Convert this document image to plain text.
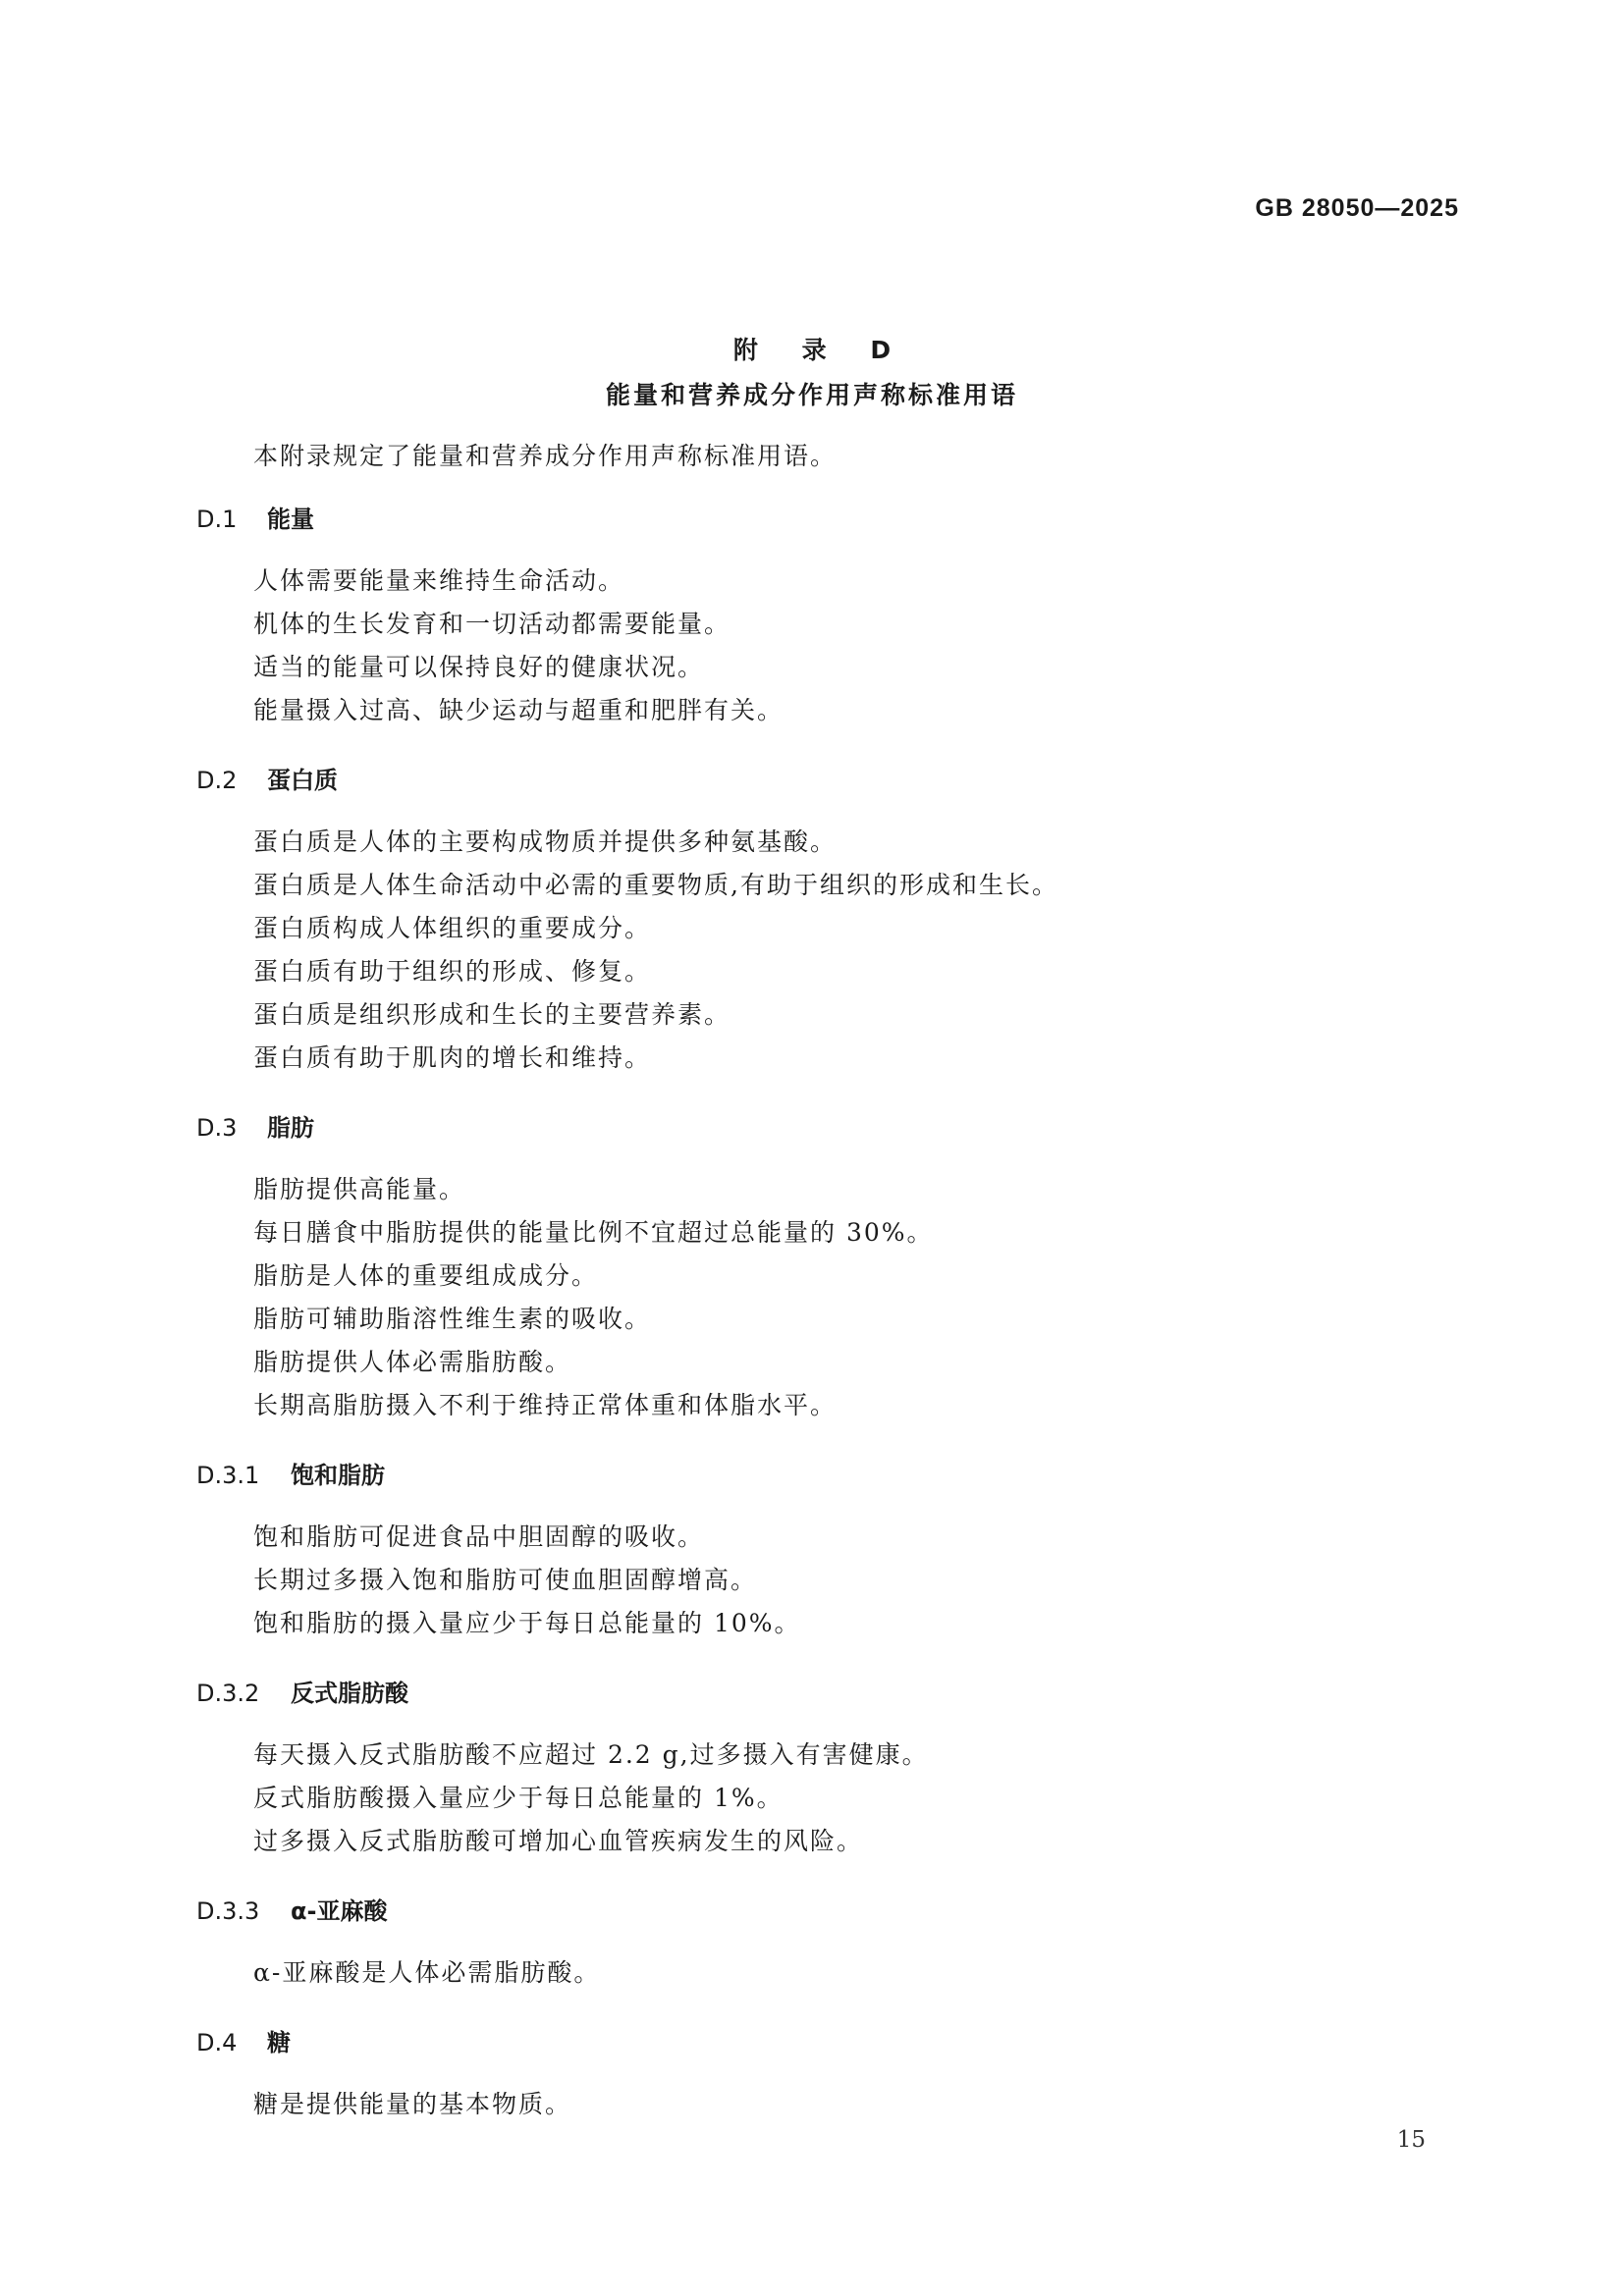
GB 28050—2025
附 录 D
能量和营养成分作用声称标准用语
本附录规定了能量和营养成分作用声称标准用语。
D.1 能量
人体需要能量来维持生命活动。
机体的生长发育和一切活动都需要能量。
适当的能量可以保持良好的健康状况。
能量摄入过高、缺少运动与超重和肥胖有关。
D.2 蛋白质
蛋白质是人体的主要构成物质并提供多种氨基酸。
蛋白质是人体生命活动中必需的重要物质,有助于组织的形成和生长。
蛋白质构成人体组织的重要成分。
蛋白质有助于组织的形成、修复。
蛋白质是组织形成和生长的主要营养素。
蛋白质有助于肌肉的增长和维持。
D.3 脂肪
脂肪提供高能量。
每日膳食中脂肪提供的能量比例不宜超过总能量的 30%。
脂肪是人体的重要组成成分。
脂肪可辅助脂溶性维生素的吸收。
脂肪提供人体必需脂肪酸。
长期高脂肪摄入不利于维持正常体重和体脂水平。
D.3.1 饱和脂肪
饱和脂肪可促进食品中胆固醇的吸收。
长期过多摄入饱和脂肪可使血胆固醇增高。
饱和脂肪的摄入量应少于每日总能量的 10%。
D.3.2 反式脂肪酸
每天摄入反式脂肪酸不应超过 2.2 g,过多摄入有害健康。
反式脂肪酸摄入量应少于每日总能量的 1%。
过多摄入反式脂肪酸可增加心血管疾病发生的风险。
D.3.3 α-亚麻酸
α-亚麻酸是人体必需脂肪酸。
D.4 糖
糖是提供能量的基本物质。
15
